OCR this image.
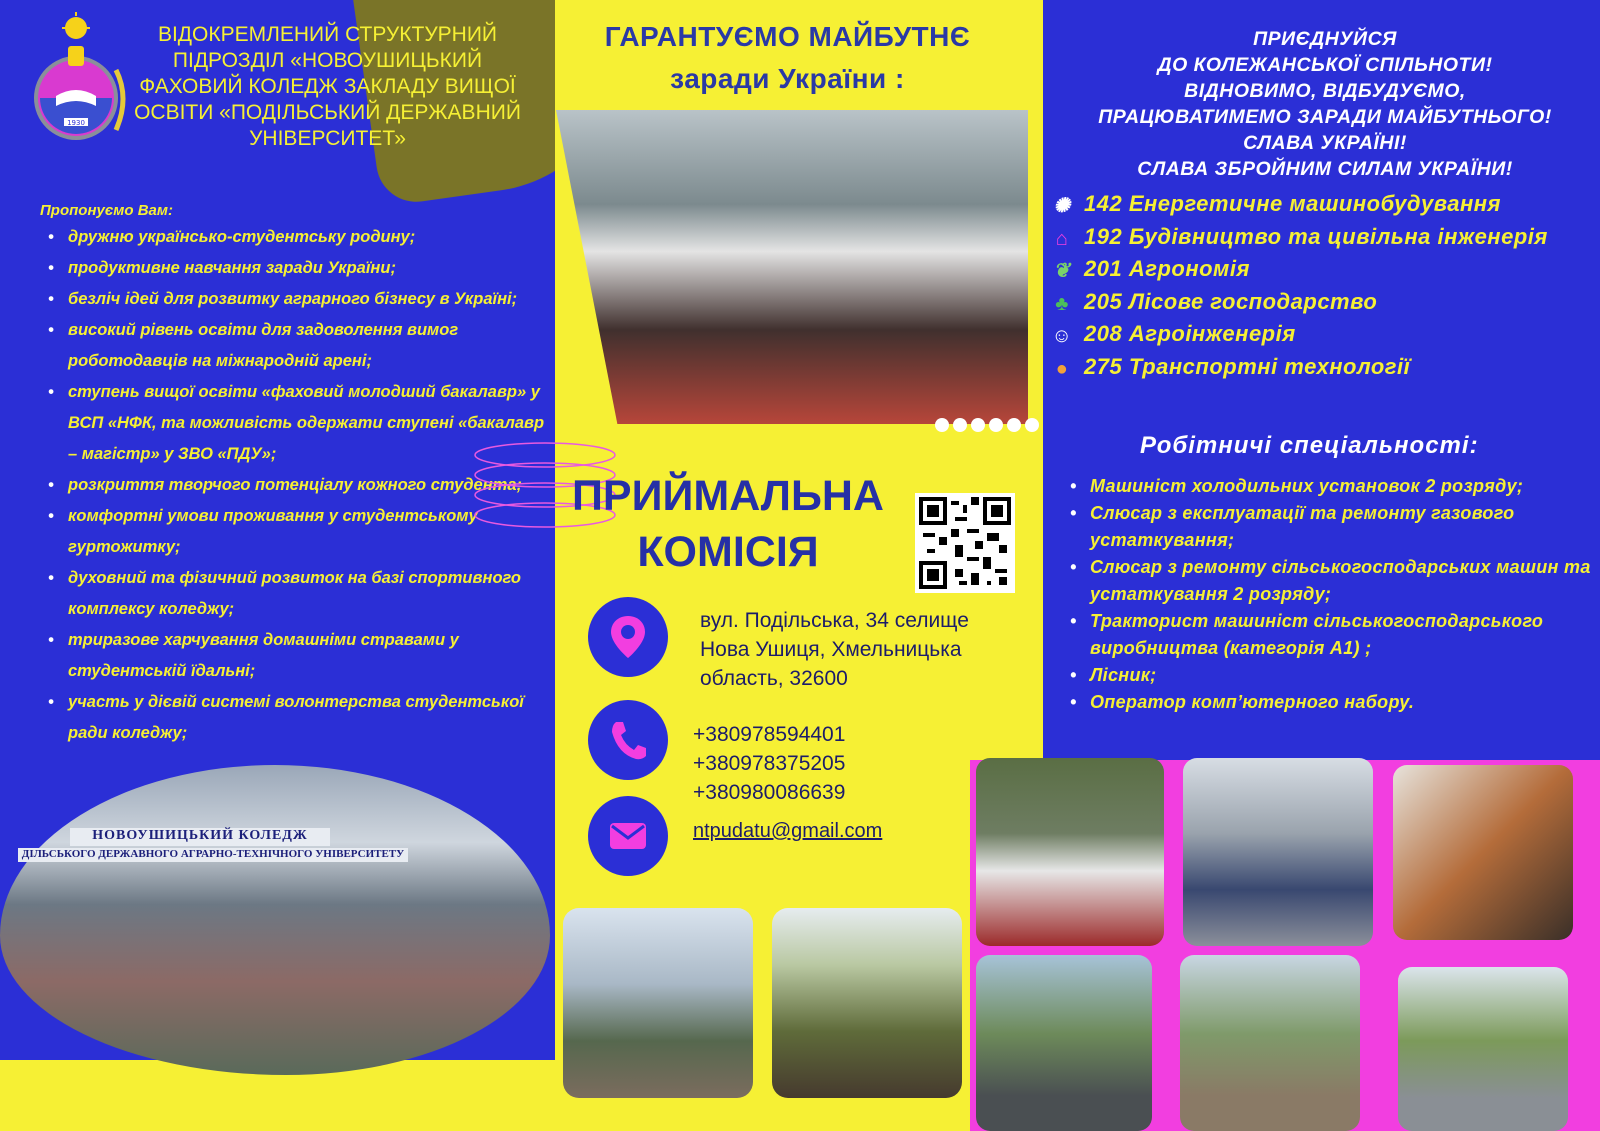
1930
ВІДОКРЕМЛЕНИЙ СТРУКТУРНИЙ ПІДРОЗДІЛ «НОВОУШИЦЬКИЙ ФАХОВИЙ КОЛЕДЖ ЗАКЛАДУ ВИЩОЇ ОСВІТИ «ПОДІЛЬСЬКИЙ ДЕРЖАВНИЙ УНІВЕРСИТЕТ»
Пропонуємо Вам:
• дружню українсько-студентську родину;
• продуктивне навчання заради України;
• безліч ідей для розвитку аграрного бізнесу в Україні;
• високий рівень освіти для задоволення вимог роботодавців на міжнародній арені;
• ступень вищої освіти «фаховий молодший бакалавр» у ВСП «НФК, та можливість одержати ступені «бакалавр – магістр» у ЗВО «ПДУ»;
• розкриття творчого потенціалу кожного студента;
• комфортні умови проживання у студентському гуртожитку;
• духовний та фізичний розвиток на базі спортивного комплексу коледжу;
• триразове харчування домашніми стравами у студентській їдальні;
• участь у дієвій системі волонтерства студентської ради коледжу;
НОВОУШИЦЬКИЙ КОЛЕДЖ
ДІЛЬСЬКОГО ДЕРЖАВНОГО АГРАРНО-ТЕХНІЧНОГО УНІВЕРСИТЕТУ
ГАРАНТУЄМО МАЙБУТНЄ
заради України :
ПРИЙМАЛЬНА КОМІСІЯ
вул. Подільська, 34 селище Нова Ушиця, Хмельницька область, 32600
+380978594401
+380978375205
+380980086639
ntpudatu@gmail.com
ПРИЄДНУЙСЯ
ДО КОЛЕЖАНСЬКОЇ СПІЛЬНОТИ!
ВІДНОВИМО, ВІДБУДУЄМО,
ПРАЦЮВАТИМЕМО ЗАРАДИ МАЙБУТНЬОГО!
СЛАВА УКРАЇНІ!
СЛАВА ЗБРОЙНИМ СИЛАМ УКРАЇНИ!
✺ 142 Енергетичне машинобудування
⌂ 192 Будівництво та цивільна інженерія
❦ 201 Агрономія
♣ 205 Лісове господарство
☺ 208 Агроінженерія
● 275 Транспортні технології
Робітничі спеціальності:
• Машиніст холодильних установок 2 розряду;
• Слюсар з експлуатації та ремонту газового устаткування;
• Слюсар з ремонту сільськогосподарських машин та устаткування 2 розряду;
• Тракторист машиніст сільськогосподарського виробництва (категорія А1) ;
• Лісник;
• Оператор комп’ютерного набору.
